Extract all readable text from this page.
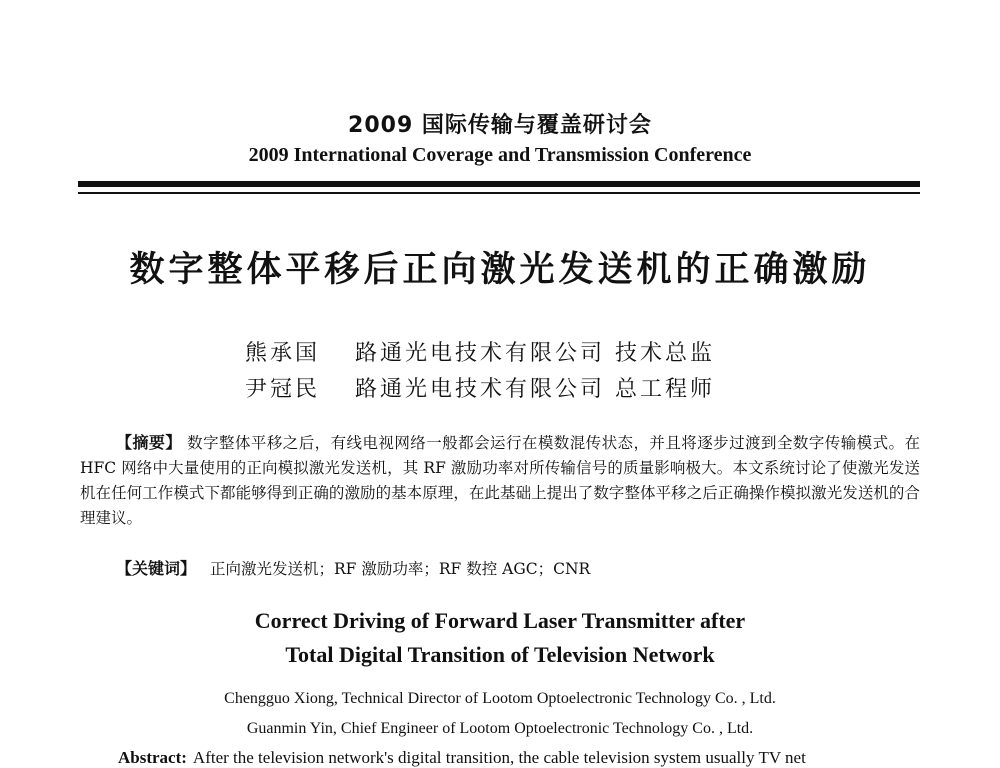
2009 国际传输与覆盖研讨会
2009 International Coverage and Transmission Conference
数字整体平移后正向激光发送机的正确激励
熊承国 路通光电技术有限公司 技术总监
尹冠民 路通光电技术有限公司 总工程师
【摘要】 数字整体平移之后，有线电视网络一般都会运行在模数混传状态，并且将逐步过渡到全数字传输模式。在 HFC 网络中大量使用的正向模拟激光发送机，其 RF 激励功率对所传输信号的质量影响极大。本文系统讨论了使激光发送机在任何工作模式下都能够得到正确的激励的基本原理，在此基础上提出了数字整体平移之后正确操作模拟激光发送机的合理建议。
【关键词】 正向激光发送机；RF 激励功率；RF 数控 AGC；CNR
Correct Driving of Forward Laser Transmitter after
Total Digital Transition of Television Network
Chengguo Xiong, Technical Director of Lootom Optoelectronic Technology Co. , Ltd.
Guanmin Yin, Chief Engineer of Lootom Optoelectronic Technology Co. , Ltd.
Abstract: After the television network's digital transition, the cable television system usually TV net
